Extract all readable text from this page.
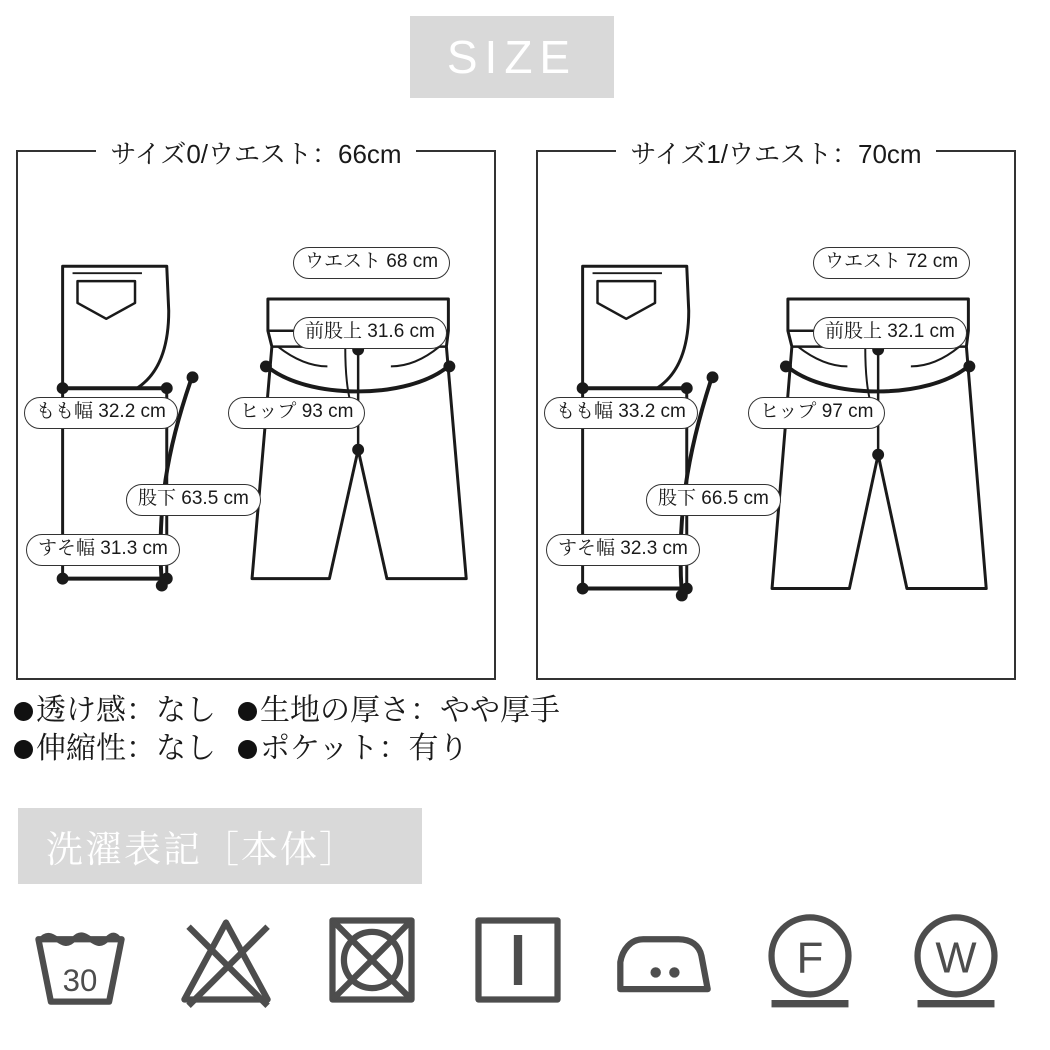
SIZE
サイズ0/ウエスト：66cm
ウエスト 68 cm
前股上 31.6 cm
ヒップ 93 cm
もも幅 32.2 cm
股下 63.5 cm
すそ幅 31.3 cm
サイズ1/ウエスト：70cm
ウエスト 72 cm
前股上 32.1 cm
ヒップ 97 cm
もも幅 33.2 cm
股下 66.5 cm
すそ幅 32.3 cm
透け感：なし 生地の厚さ：やや厚手
伸縮性：なし ポケット：有り
洗濯表記［本体］
30	F	W
